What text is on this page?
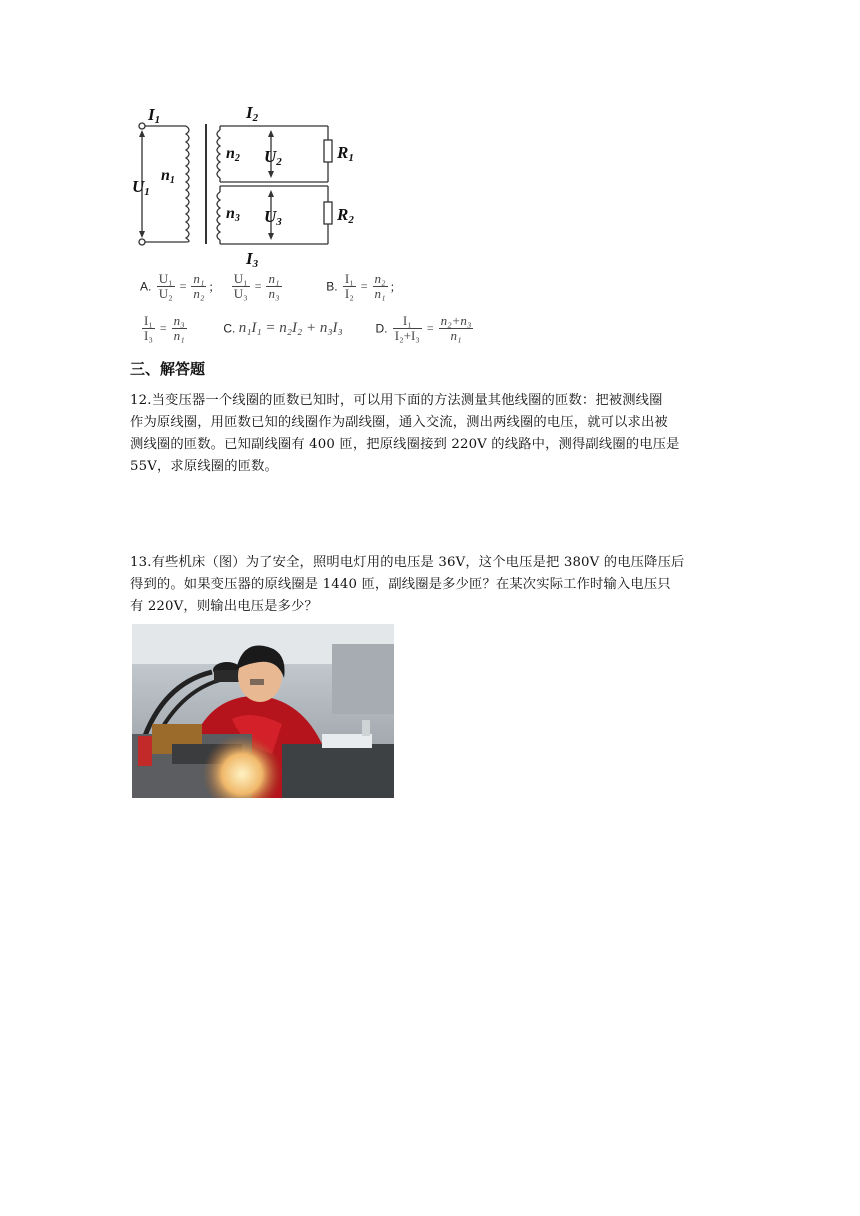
I1	I2
I3
U1
U2
U3
n1
n2
n3
R1
R2
A. $\frac{\text{U₁}}{\text{U₂}} = \frac{\text{n₁}}{\text{n₂}}$ ； $\frac{\text{U₁}}{\text{U₃}} = \frac{\text{n₁}}{\text{n₃}}$	B. $\frac{\text{I₁}}{\text{I₂}} = \frac{\text{n₂}}{\text{n₁}}$ ；
$\frac{\text{I₁}}{\text{I₃}} = \frac{\text{n₃}}{\text{n₁}}$	C. n₁I₁ = n₂I₂ + n₃I₃	D. $\frac{\text{I₁}}{\text{I₂+I₃}} = \frac{\text{n₂+n₃}}{\text{n₁}}$
三、解答题
12.当变压器一个线圈的匝数已知时，可以用下面的方法测量其他线圈的匝数：把被测线圈
作为原线圈，用匝数已知的线圈作为副线圈，通入交流，测出两线圈的电压，就可以求出被
测线圈的匝数。已知副线圈有 400 匝，把原线圈接到 220V 的线路中，测得副线圈的电压是
55V，求原线圈的匝数。
13.有些机床（图）为了安全，照明电灯用的电压是 36V，这个电压是把 380V 的电压降压后
得到的。如果变压器的原线圈是 1440 匝，副线圈是多少匝？在某次实际工作时输入电压只
有 220V，则输出电压是多少？
